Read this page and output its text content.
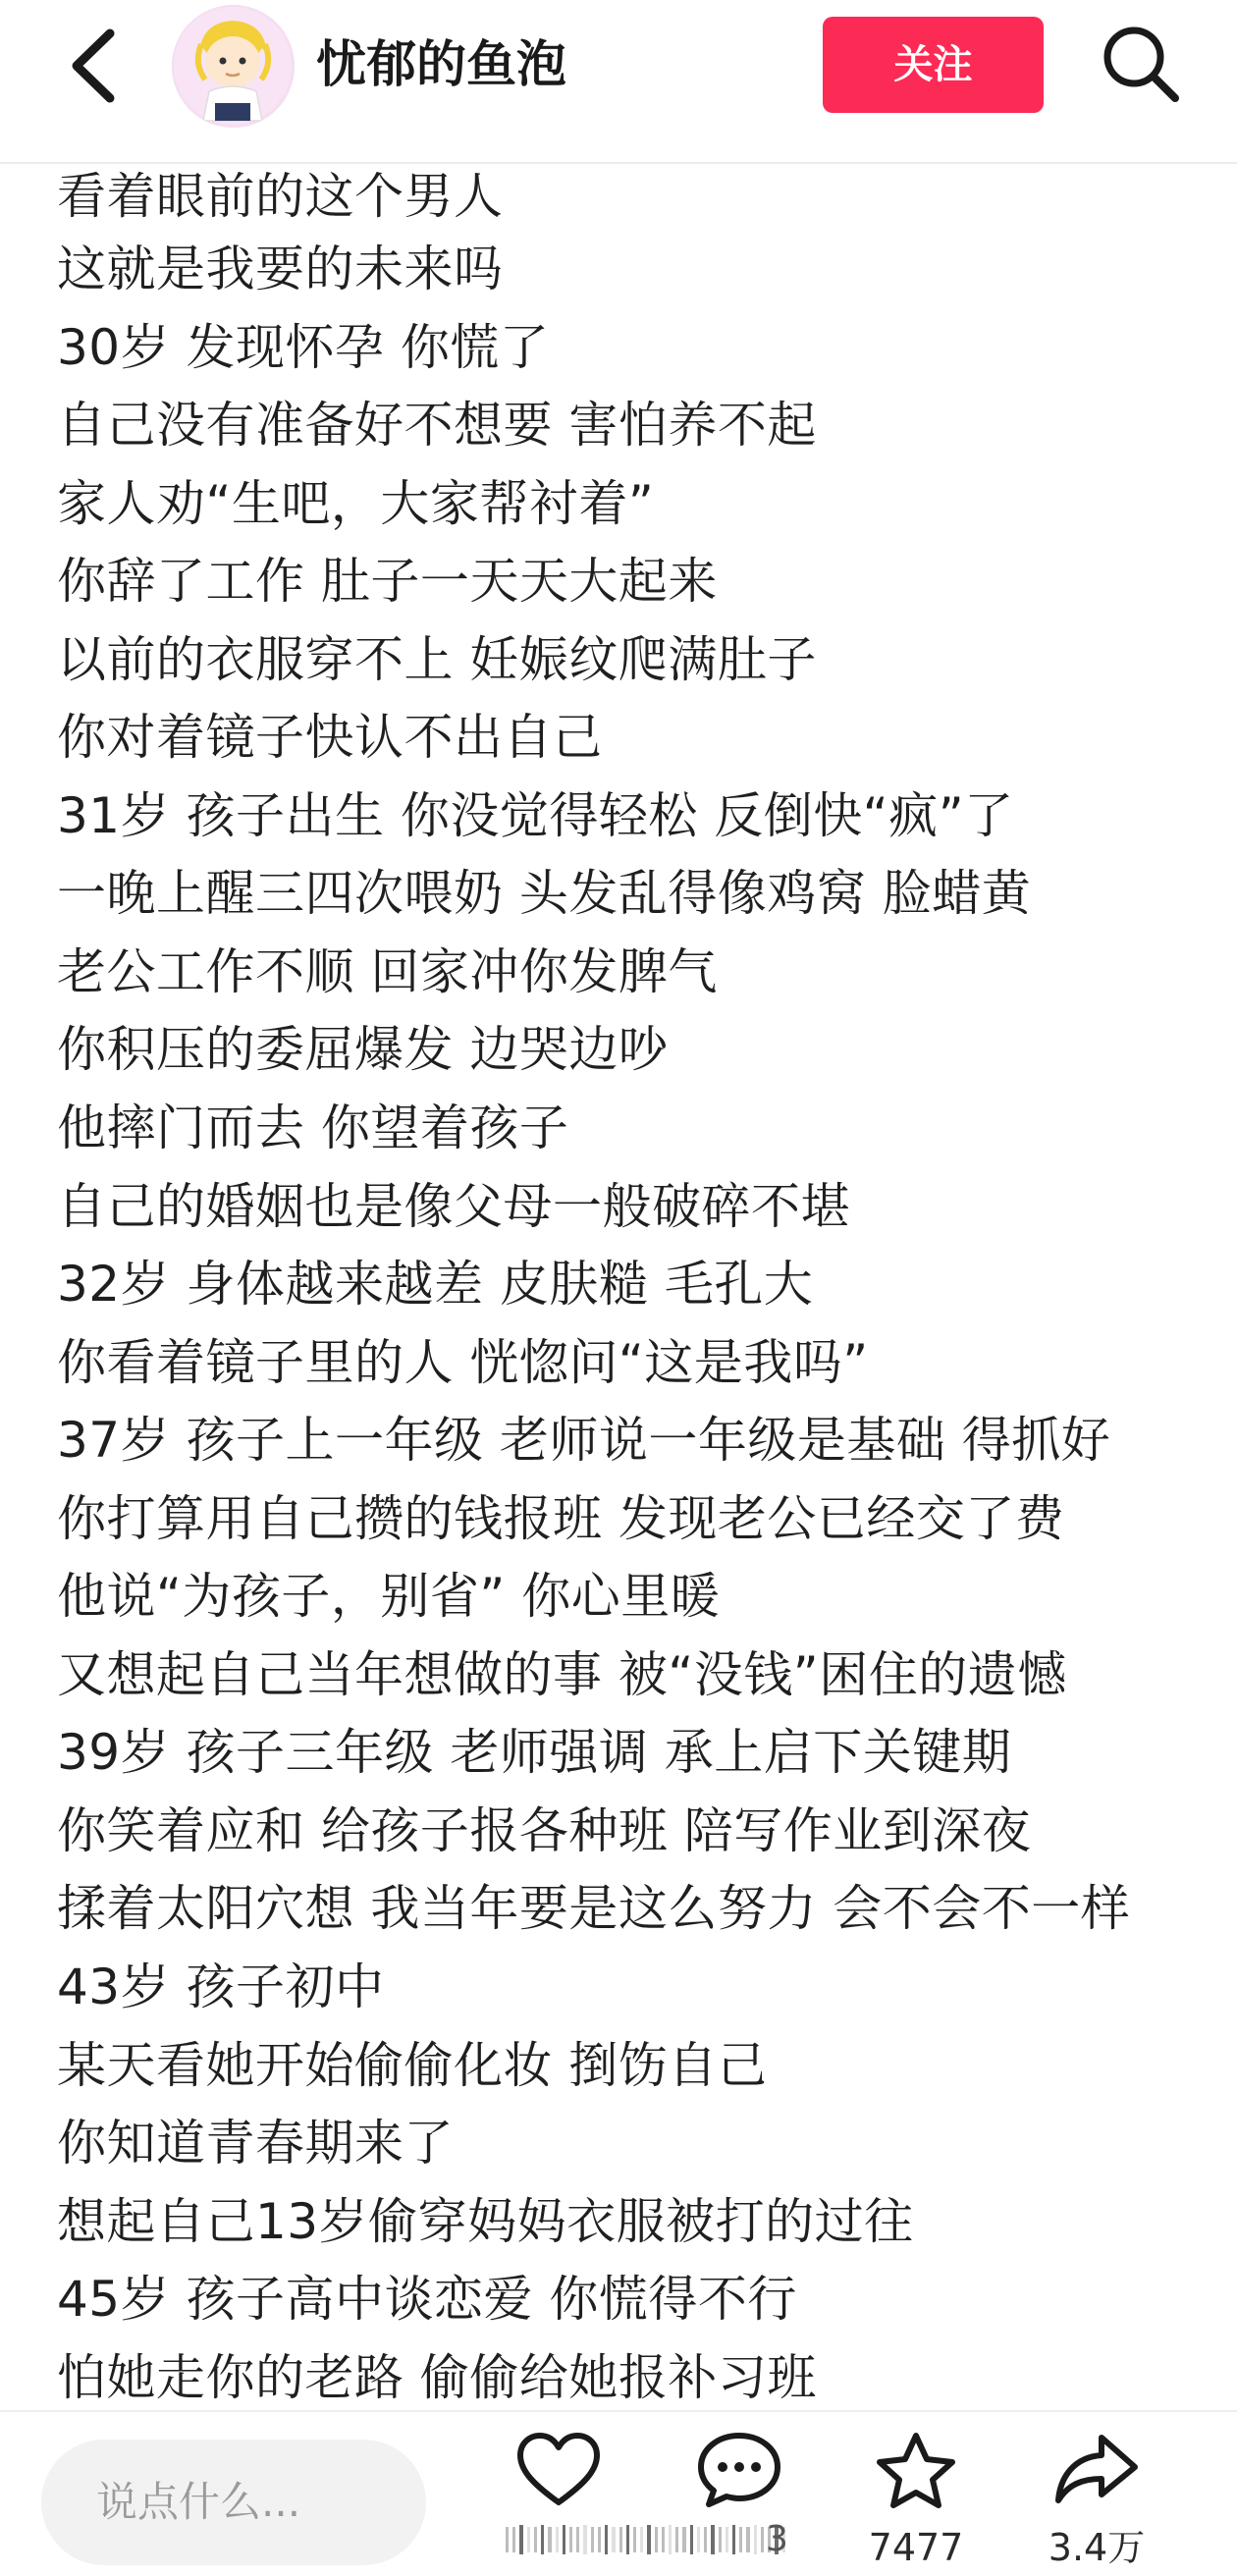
忧郁的鱼泡	关注
看着眼前的这个男人
这就是我要的未来吗
30岁 发现怀孕 你慌了
自己没有准备好不想要 害怕养不起
家人劝“生吧，大家帮衬着”
你辞了工作 肚子一天天大起来
以前的衣服穿不上 妊娠纹爬满肚子
你对着镜子快认不出自己
31岁 孩子出生 你没觉得轻松 反倒快“疯”了
一晚上醒三四次喂奶 头发乱得像鸡窝 脸蜡黄
老公工作不顺 回家冲你发脾气
你积压的委屈爆发 边哭边吵
他摔门而去 你望着孩子
自己的婚姻也是像父母一般破碎不堪
32岁 身体越来越差 皮肤糙 毛孔大
你看着镜子里的人 恍惚问“这是我吗”
37岁 孩子上一年级 老师说一年级是基础 得抓好
你打算用自己攒的钱报班 发现老公已经交了费
他说“为孩子，别省” 你心里暖
又想起自己当年想做的事 被“没钱”困住的遗憾
39岁 孩子三年级 老师强调 承上启下关键期
你笑着应和 给孩子报各种班 陪写作业到深夜
揉着太阳穴想 我当年要是这么努力 会不会不一样
43岁 孩子初中
某天看她开始偷偷化妆 捯饬自己
你知道青春期来了
想起自己13岁偷穿妈妈衣服被打的过往
45岁 孩子高中谈恋爱 你慌得不行
怕她走你的老路 偷偷给她报补习班
说点什么...
3	7477	3.4万
